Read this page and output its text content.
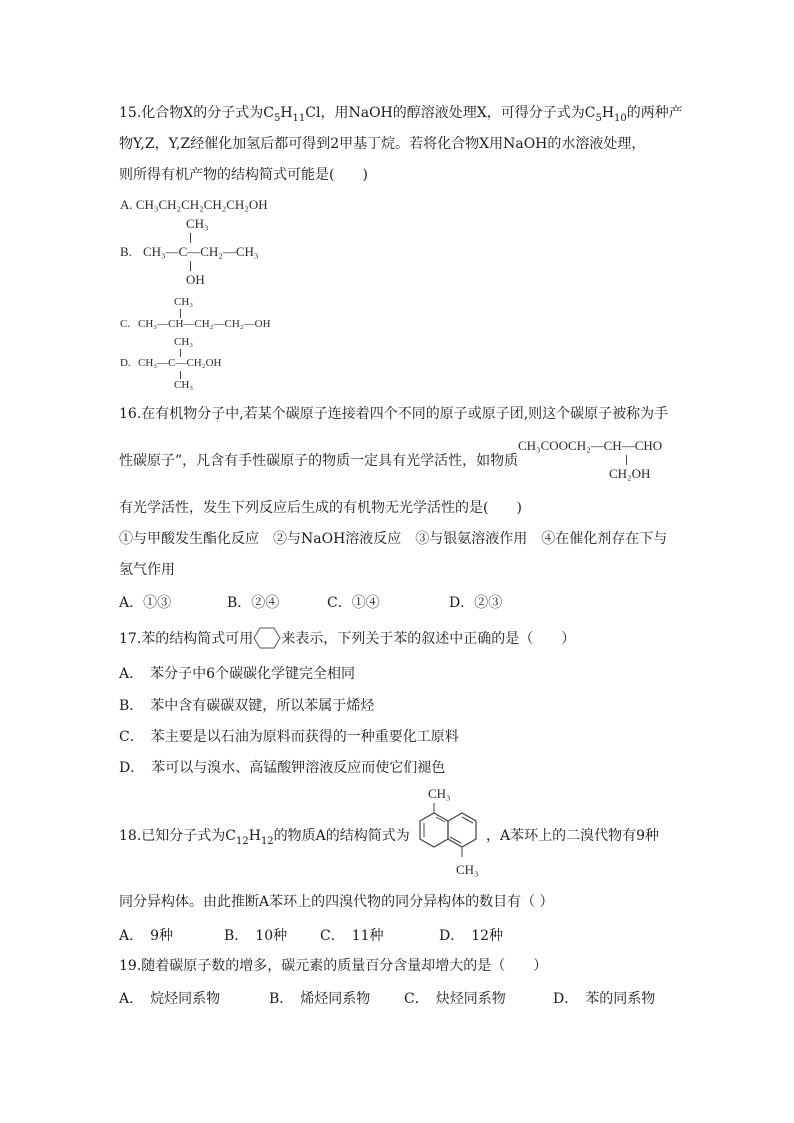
15.化合物X的分子式为$C_5H_{11}Cl$，用NaOH的醇溶液处理X，可得分子式为$C_5H_{10}$的两种产
物Y,Z，Y,Z经催化加氢后都可得到2甲基丁烷。若将化合物X用NaOH的水溶液处理，
则所得有机产物的结构简式可能是(　　)
A. CH₃CH₂CH₂CH₂CH₂OH
CH₃
B. CH₃—C—CH₂—CH₃
OH
CH₃
C. CH₃—CH—CH₂—CH₂—OH
CH₃
D. CH₃—C—CH₂OH
CH₃
16.在有机物分子中,若某个碳原子连接着四个不同的原子或原子团,则这个碳原子被称为手
CH₃COOCH₂—CH—CHO
CH₂OH
性碳原子”，凡含有手性碳原子的物质一定具有光学活性，如物质
有光学活性，发生下列反应后生成的有机物无光学活性的是(　　)
①与甲酸发生酯化反应　②与NaOH溶液反应　③与银氨溶液作用　④在催化剂存在下与
氢气作用
A．①③	B．②④	C．①④	D．②③
17.苯的结构简式可用 来表示，下列关于苯的叙述中正确的是（　　）
A．　苯分子中6个碳碳化学键完全相同
B．　苯中含有碳碳双键，所以苯属于烯烃
C．　苯主要是以石油为原料而获得的一种重要化工原料
D．　苯可以与溴水、高锰酸钾溶液反应而使它们褪色
18.已知分子式为$C_{12}H_{12}$的物质A的结构简式为
CH₃
CH₃
，A苯环上的二溴代物有9种
同分异构体。由此推断A苯环上的四溴代物的同分异构体的数目有（ ）
A．　9种	B．　10种 C．　11种	D．　12种
19.随着碳原子数的增多，碳元素的质量百分含量却增大的是（　　）
A．　烷烃同系物	B．　烯烃同系物 C．　炔烃同系物	D．　苯的同系物
